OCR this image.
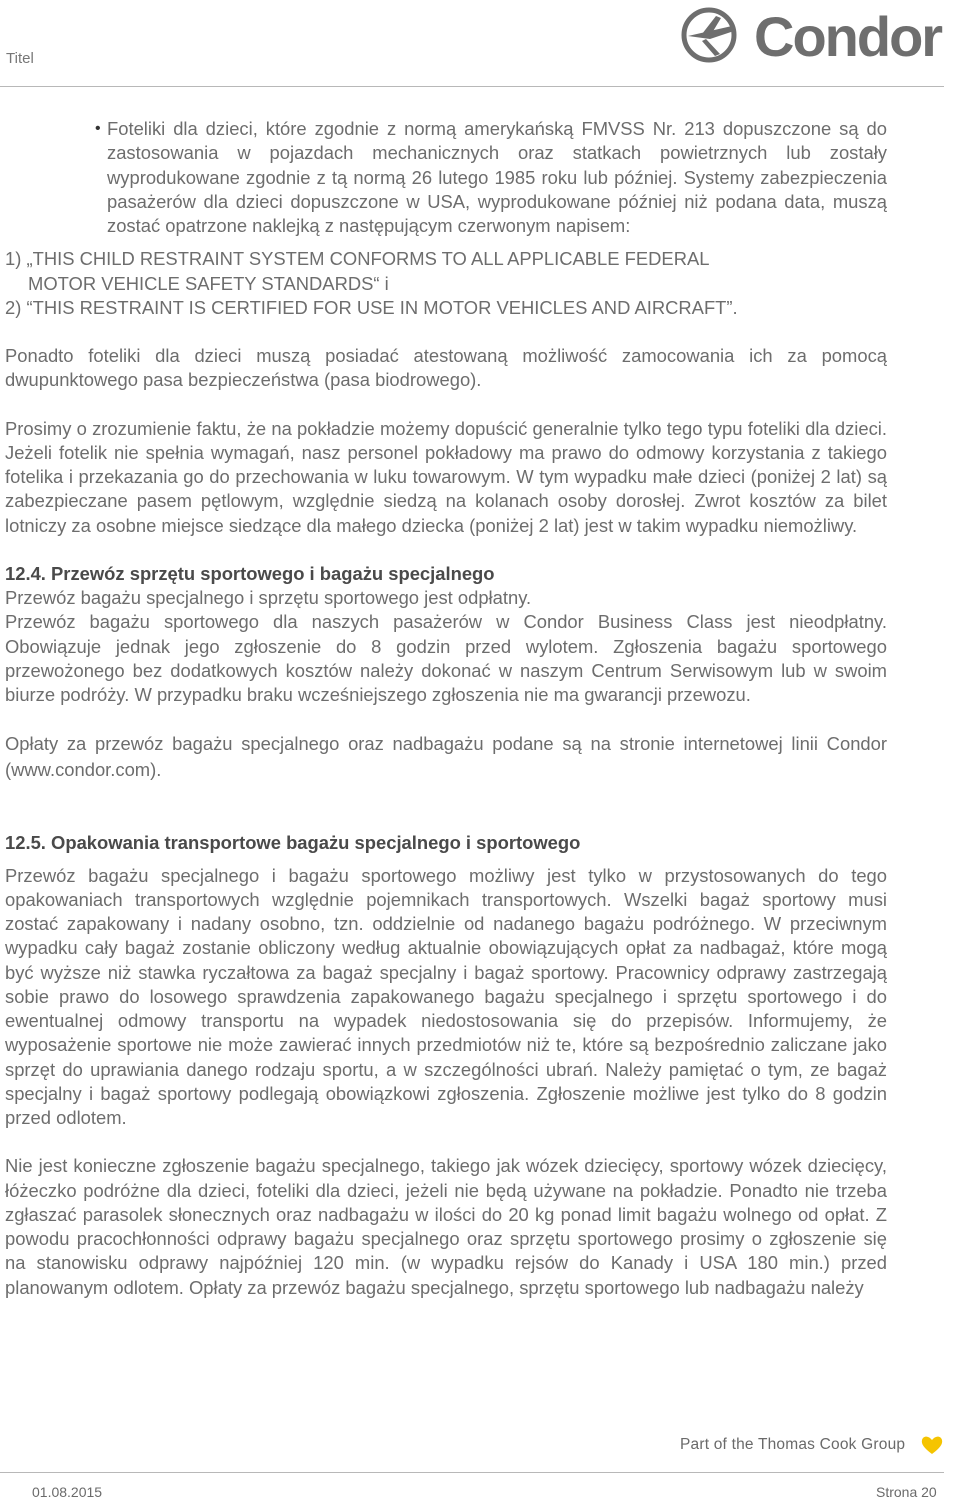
Titel	Condor

• Foteliki dla dzieci, które zgodnie z normą amerykańską FMVSS Nr. 213 dopuszczone są do zastosowania w pojazdach mechanicznych oraz statkach powietrznych lub zostały wyprodukowane zgodnie z tą normą 26 lutego 1985 roku lub później. Systemy zabezpieczenia pasażerów dla dzieci dopuszczone w USA, wyprodukowane później niż podana data, muszą zostać opatrzone naklejką z następującym czerwonym napisem:

1) „THIS CHILD RESTRAINT SYSTEM CONFORMS TO ALL APPLICABLE FEDERAL

MOTOR VEHICLE SAFETY STANDARDS“ i

2) “THIS RESTRAINT IS CERTIFIED FOR USE IN MOTOR VEHICLES AND AIRCRAFT”.

Ponadto foteliki dla dzieci muszą posiadać atestowaną możliwość zamocowania ich za pomocą dwupunktowego pasa bezpieczeństwa (pasa biodrowego).

Prosimy o zrozumienie faktu, że na pokładzie możemy dopuścić generalnie tylko tego typu foteliki dla dzieci. Jeżeli fotelik nie spełnia wymagań, nasz personel pokładowy ma prawo do odmowy korzystania z takiego fotelika i przekazania go do przechowania w luku towarowym. W tym wypadku małe dzieci (poniżej 2 lat) są zabezpieczane pasem pętlowym, względnie siedzą na kolanach osoby dorosłej. Zwrot kosztów za bilet lotniczy za osobne miejsce siedzące dla małego dziecka (poniżej 2 lat) jest w takim wypadku niemożliwy.

12.4. Przewóz sprzętu sportowego i bagażu specjalnego

Przewóz bagażu specjalnego i sprzętu sportowego jest odpłatny.

Przewóz bagażu sportowego dla naszych pasażerów w Condor Business Class jest nieodpłatny. Obowiązuje jednak jego zgłoszenie do 8 godzin przed wylotem. Zgłoszenia bagażu sportowego przewożonego bez dodatkowych kosztów należy dokonać w naszym Centrum Serwisowym lub w swoim biurze podróży. W przypadku braku wcześniejszego zgłoszenia nie ma gwarancji przewozu.

Opłaty za przewóz bagażu specjalnego oraz nadbagażu podane są na stronie internetowej linii Condor (www.condor.com).

12.5. Opakowania transportowe bagażu specjalnego i sportowego

Przewóz bagażu specjalnego i bagażu sportowego możliwy jest tylko w przystosowanych do tego opakowaniach transportowych względnie pojemnikach transportowych. Wszelki bagaż sportowy musi zostać zapakowany i nadany osobno, tzn. oddzielnie od nadanego bagażu podróżnego. W przeciwnym wypadku cały bagaż zostanie obliczony według aktualnie obowiązujących opłat za nadbagaż, które mogą być wyższe niż stawka ryczałtowa za bagaż specjalny i bagaż sportowy. Pracownicy odprawy zastrzegają sobie prawo do losowego sprawdzenia zapakowanego bagażu specjalnego i sprzętu sportowego i do ewentualnej odmowy transportu na wypadek niedostosowania się do przepisów. Informujemy, że wyposażenie sportowe nie może zawierać innych przedmiotów niż te, które są bezpośrednio zaliczane jako sprzęt do uprawiania danego rodzaju sportu, a w szczególności ubrań. Należy pamiętać o tym, ze bagaż specjalny i bagaż sportowy podlegają obowiązkowi zgłoszenia. Zgłoszenie możliwe jest tylko do 8 godzin przed odlotem.

Nie jest konieczne zgłoszenie bagażu specjalnego, takiego jak wózek dziecięcy, sportowy wózek dziecięcy, łóżeczko podróżne dla dzieci, foteliki dla dzieci, jeżeli nie będą używane na pokładzie. Ponadto nie trzeba zgłaszać parasolek słonecznych oraz nadbagażu w ilości do 20 kg ponad limit bagażu wolnego od opłat. Z powodu pracochłonności odprawy bagażu specjalnego oraz sprzętu sportowego prosimy o zgłoszenie się na stanowisku odprawy najpóźniej 120 min. (w wypadku rejsów do Kanady i USA 180 min.) przed planowanym odlotem. Opłaty za przewóz bagażu specjalnego, sprzętu sportowego lub nadbagażu należy

Part of the Thomas Cook Group
01.08.2015	Strona 20
